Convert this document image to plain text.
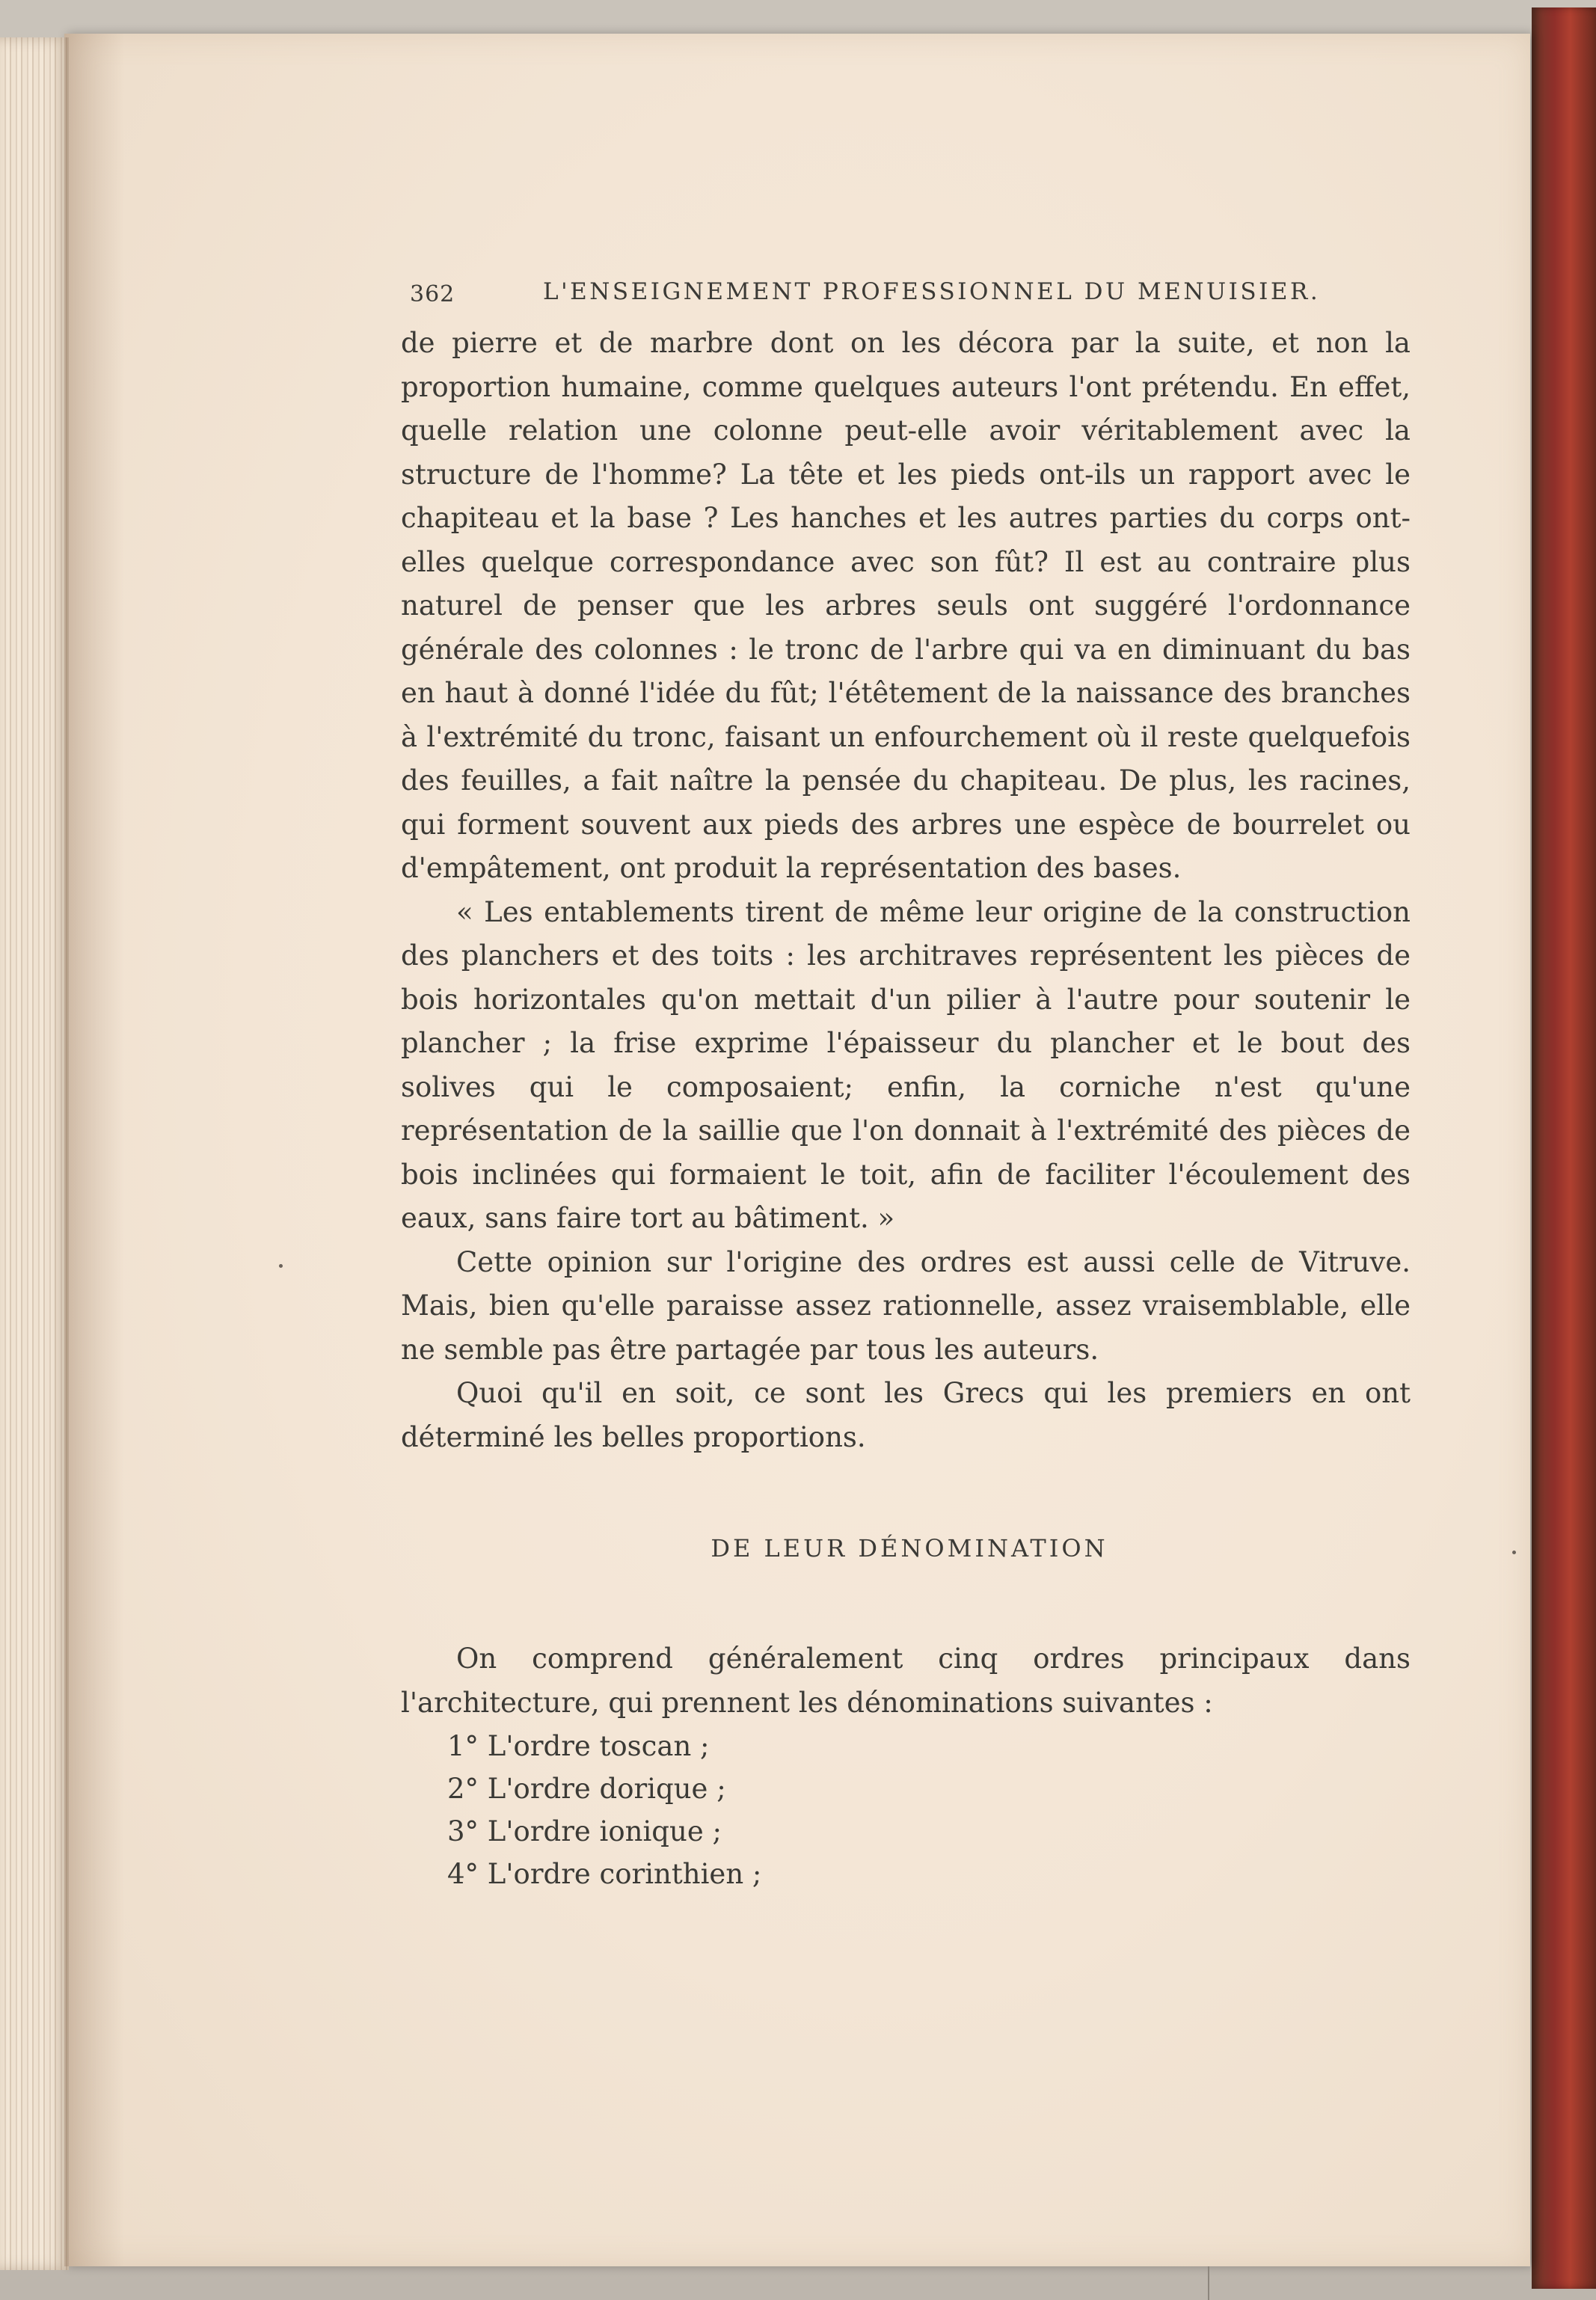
362	L'ENSEIGNEMENT PROFESSIONNEL DU MENUISIER.

de pierre et de marbre dont on les décora par la suite, et non la proportion humaine, comme quelques auteurs l'ont prétendu. En effet, quelle relation une colonne peut-elle avoir véritablement avec la structure de l'homme? La tête et les pieds ont-ils un rapport avec le chapiteau et la base ? Les hanches et les autres parties du corps ont-elles quelque correspondance avec son fût? Il est au contraire plus naturel de penser que les arbres seuls ont suggéré l'ordonnance générale des colonnes : le tronc de l'arbre qui va en diminuant du bas en haut à donné l'idée du fût; l'étêtement de la naissance des branches à l'extrémité du tronc, faisant un enfourchement où il reste quelquefois des feuilles, a fait naître la pensée du chapiteau. De plus, les racines, qui forment souvent aux pieds des arbres une espèce de bourrelet ou d'empâtement, ont produit la représentation des bases.

« Les entablements tirent de même leur origine de la construction des planchers et des toits : les architraves représentent les pièces de bois horizontales qu'on mettait d'un pilier à l'autre pour soutenir le plancher ; la frise exprime l'épaisseur du plancher et le bout des solives qui le composaient; enfin, la corniche n'est qu'une représentation de la saillie que l'on donnait à l'extrémité des pièces de bois inclinées qui formaient le toit, afin de faciliter l'écoulement des eaux, sans faire tort au bâtiment. »

Cette opinion sur l'origine des ordres est aussi celle de Vitruve. Mais, bien qu'elle paraisse assez rationnelle, assez vraisemblable, elle ne semble pas être partagée par tous les auteurs.

Quoi qu'il en soit, ce sont les Grecs qui les premiers en ont déterminé les belles proportions.

DE LEUR DÉNOMINATION

On comprend généralement cinq ordres principaux dans l'architecture, qui prennent les dénominations suivantes :

1° L'ordre toscan ;
2° L'ordre dorique ;
3° L'ordre ionique ;
4° L'ordre corinthien ;
